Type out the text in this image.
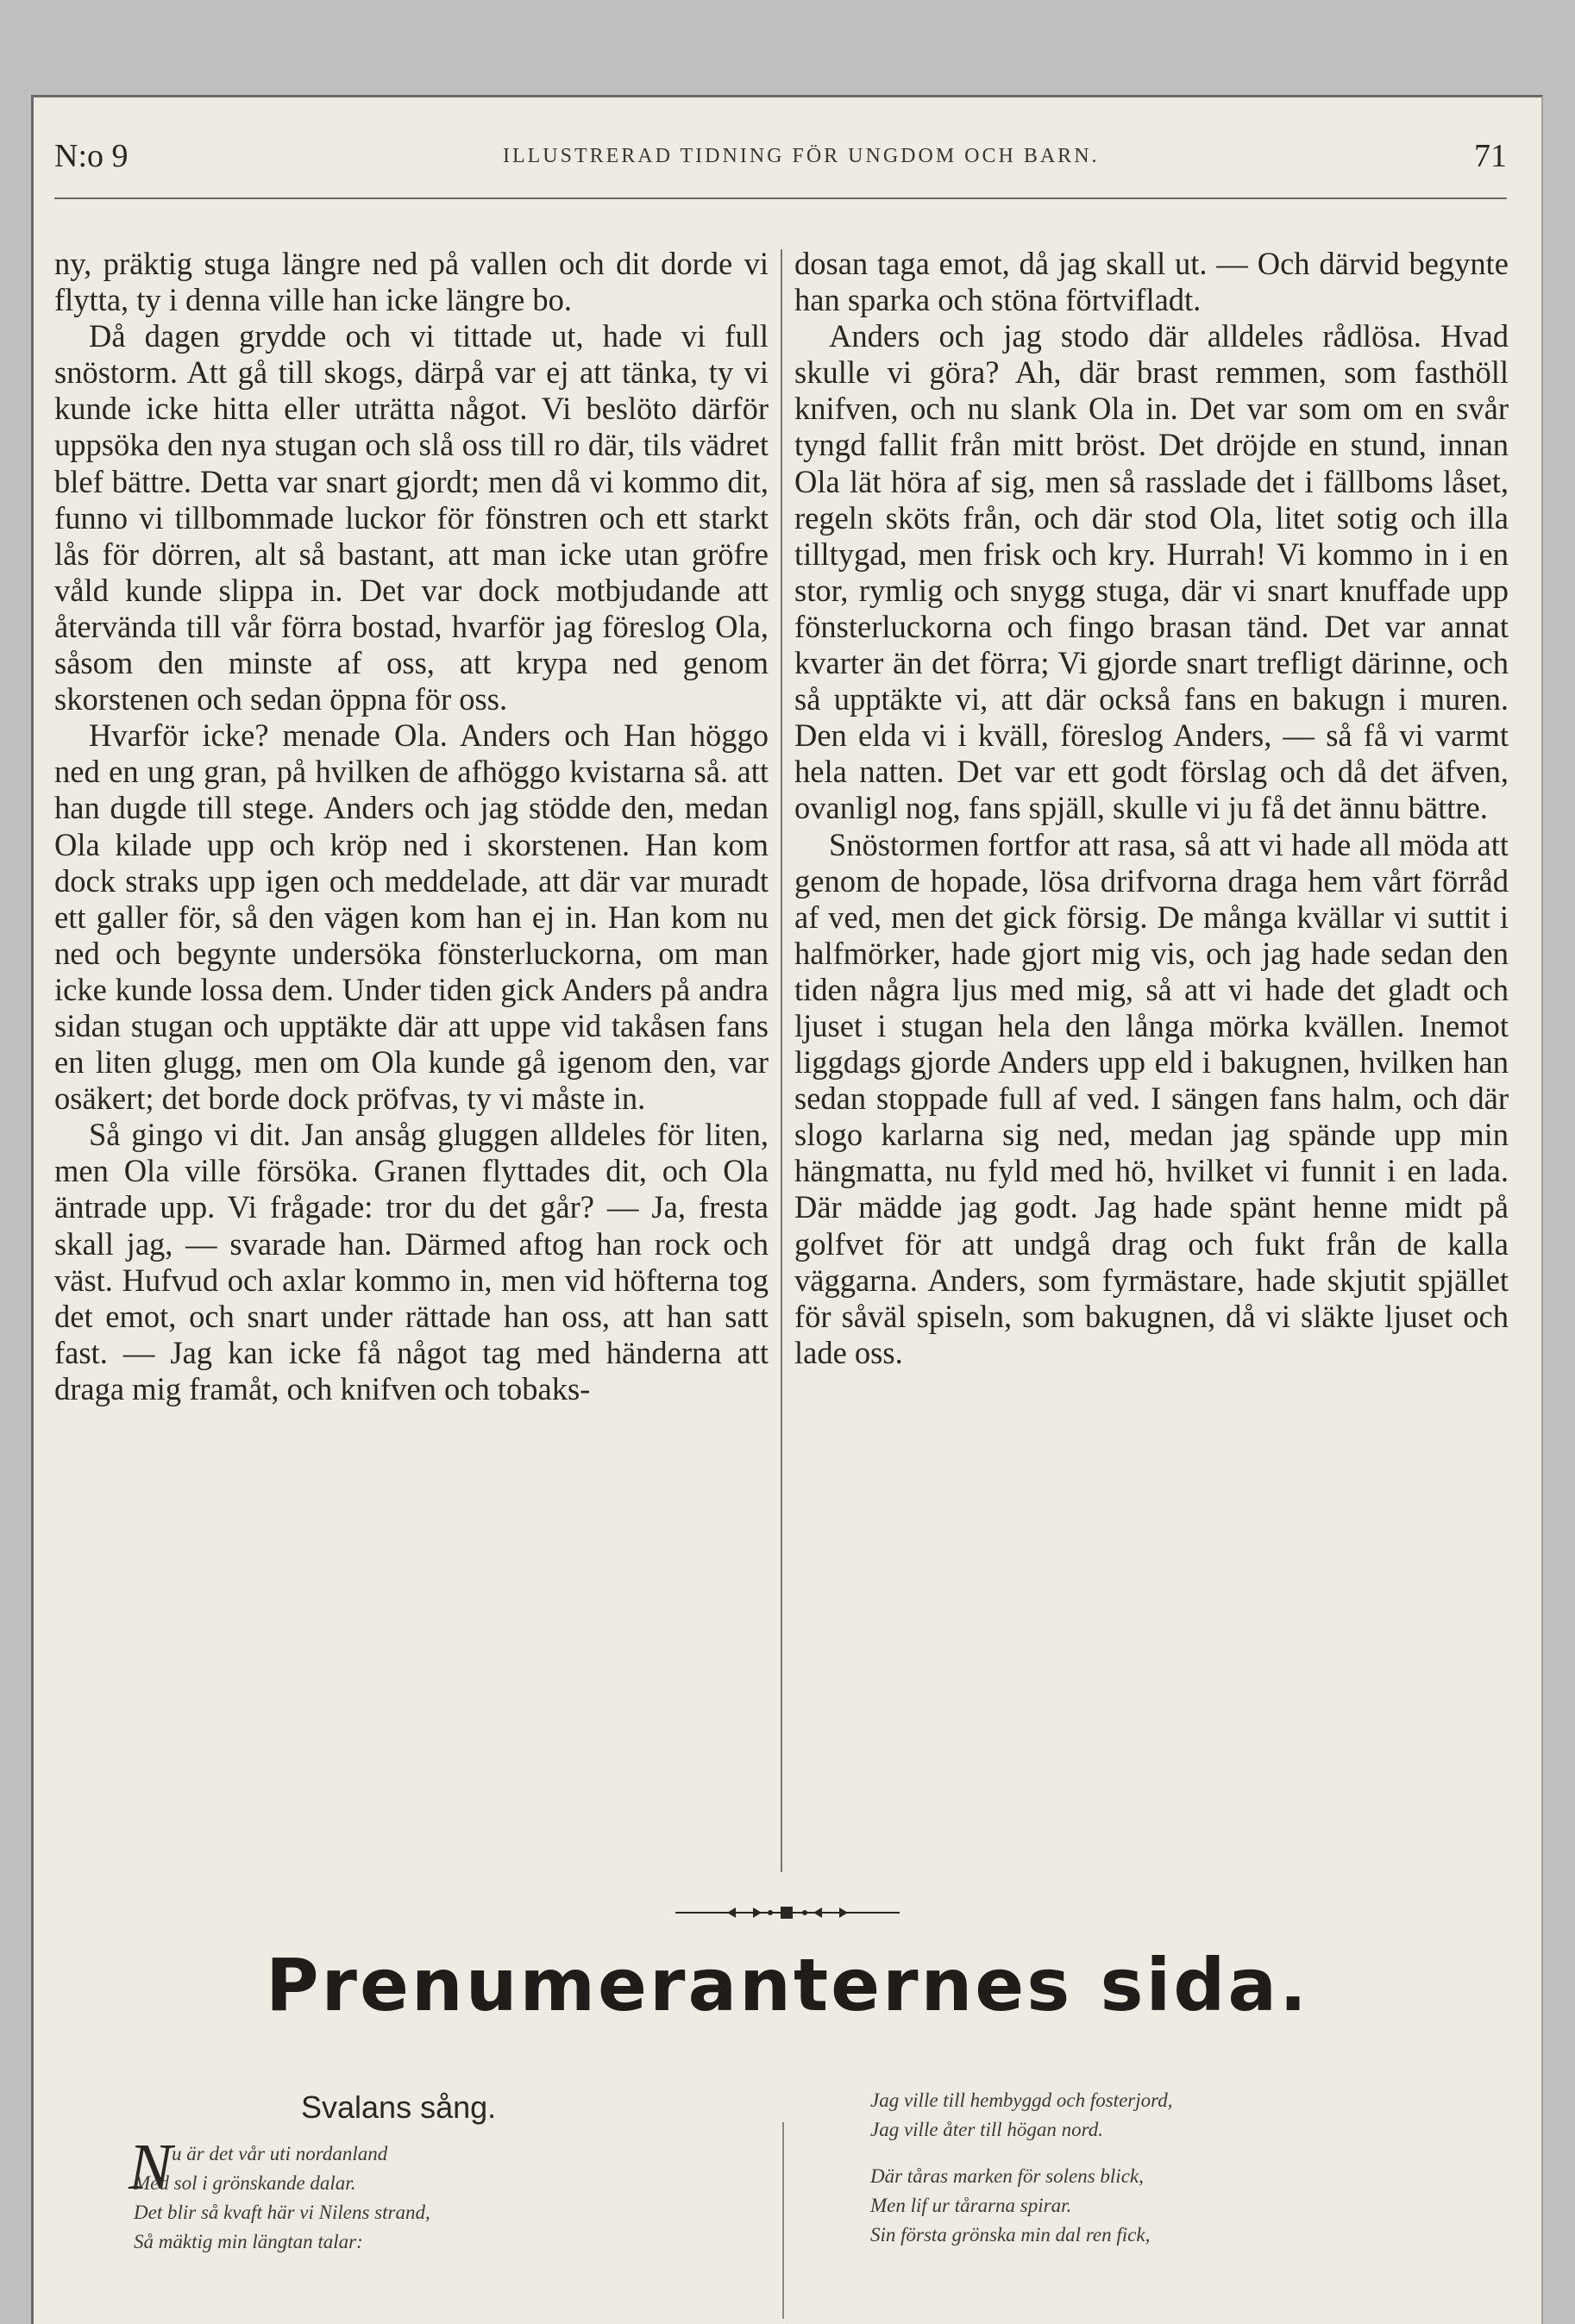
N:o 9	ILLUSTRERAD TIDNING FÖR UNGDOM OCH BARN.	71

ny, präktig stuga längre ned på vallen och dit dorde vi flytta, ty i denna ville han icke längre bo.

Då dagen grydde och vi tittade ut, hade vi full snöstorm. Att gå till skogs, därpå var ej att tänka, ty vi kunde icke hitta eller uträtta något. Vi beslöto därför uppsöka den nya stugan och slå oss till ro där, tils vädret blef bättre. Detta var snart gjordt; men då vi kommo dit, funno vi tillbommade luckor för fönstren och ett starkt lås för dörren, alt så bastant, att man icke utan gröfre våld kunde slippa in. Det var dock motbjudande att återvända till vår förra bostad, hvarför jag föreslog Ola, såsom den minste af oss, att krypa ned genom skorstenen och sedan öppna för oss.

Hvarför icke? menade Ola. Anders och Han höggo ned en ung gran, på hvilken de afhöggo kvistarna så. att han dugde till stege. Anders och jag stödde den, medan Ola kilade upp och kröp ned i skorstenen. Han kom dock straks upp igen och meddelade, att där var muradt ett galler för, så den vägen kom han ej in. Han kom nu ned och begynte undersöka fönsterluckorna, om man icke kunde lossa dem. Under tiden gick Anders på andra sidan stugan och upptäkte där att uppe vid takåsen fans en liten glugg, men om Ola kunde gå igenom den, var osäkert; det borde dock pröfvas, ty vi måste in.

Så gingo vi dit. Jan ansåg gluggen alldeles för liten, men Ola ville försöka. Granen flyttades dit, och Ola äntrade upp. Vi frågade: tror du det går? — Ja, fresta skall jag, — svarade han. Därmed aftog han rock och väst. Hufvud och axlar kommo in, men vid höfterna tog det emot, och snart under rättade han oss, att han satt fast. — Jag kan icke få något tag med händerna att draga mig framåt, och knifven och tobaks-

dosan taga emot, då jag skall ut. — Och därvid begynte han sparka och stöna förtvifladt.

Anders och jag stodo där alldeles rådlösa. Hvad skulle vi göra? Ah, där brast remmen, som fasthöll knifven, och nu slank Ola in. Det var som om en svår tyngd fallit från mitt bröst. Det dröjde en stund, innan Ola lät höra af sig, men så rasslade det i fällboms låset, regeln sköts från, och där stod Ola, litet sotig och illa tilltygad, men frisk och kry. Hurrah! Vi kommo in i en stor, rymlig och snygg stuga, där vi snart knuffade upp fönsterluckorna och fingo brasan tänd. Det var annat kvarter än det förra; Vi gjorde snart trefligt därinne, och så upptäkte vi, att där också fans en bakugn i muren. Den elda vi i kväll, föreslog Anders, — så få vi varmt hela natten. Det var ett godt förslag och då det äfven, ovanligl nog, fans spjäll, skulle vi ju få det ännu bättre.

Snöstormen fortfor att rasa, så att vi hade all möda att genom de hopade, lösa drifvorna draga hem vårt förråd af ved, men det gick försig. De många kvällar vi suttit i halfmörker, hade gjort mig vis, och jag hade sedan den tiden några ljus med mig, så att vi hade det gladt och ljuset i stugan hela den långa mörka kvällen. Inemot liggdags gjorde Anders upp eld i bakugnen, hvilken han sedan stoppade full af ved. I sängen fans halm, och där slogo karlarna sig ned, medan jag spände upp min hängmatta, nu fyld med hö, hvilket vi funnit i en lada. Där mädde jag godt. Jag hade spänt henne midt på golfvet för att undgå drag och fukt från de kalla väggarna. Anders, som fyrmästare, hade skjutit spjället för såväl spiseln, som bakugnen, då vi släkte ljuset och lade oss.

Prenumeranternes sida.
Svalans sång.
N u är det vår uti nordanland
Med sol i grönskande dalar.
Det blir så kvaft här vi Nilens strand,
Så mäktig min längtan talar:
Jag ville till hembyggd och fosterjord,
Jag ville åter till högan nord.
Där tåras marken för solens blick,
Men lif ur tårarna spirar.
Sin första grönska min dal ren fick,
